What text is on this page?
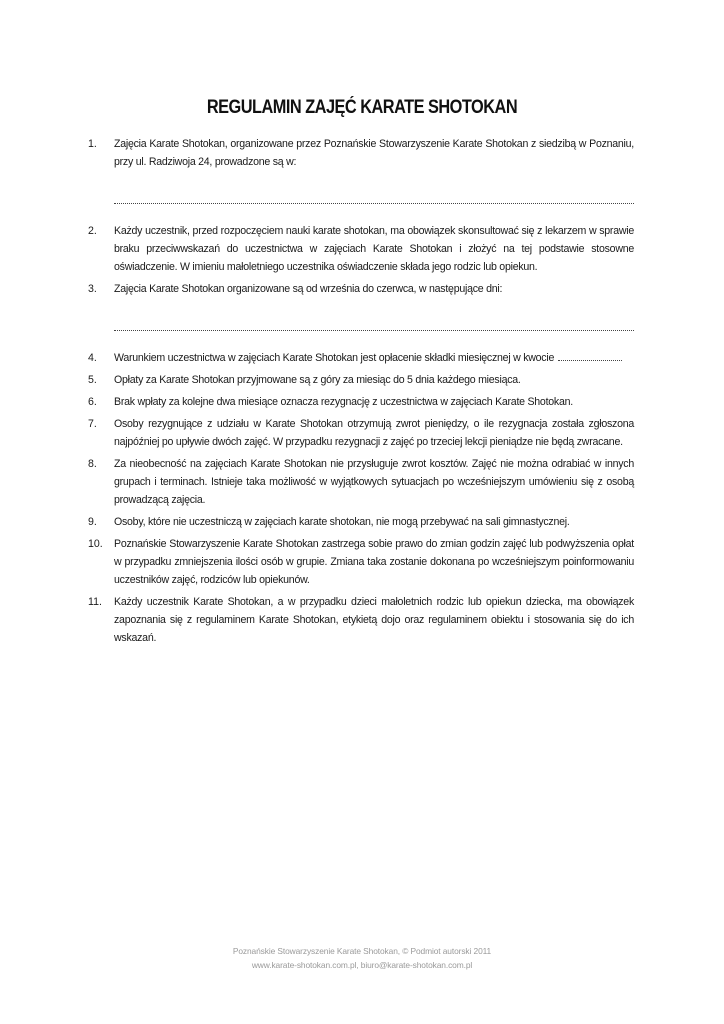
REGULAMIN ZAJĘĆ KARATE SHOTOKAN
1.	Zajęcia Karate Shotokan, organizowane przez Poznańskie Stowarzyszenie Karate Shotokan z siedzibą w Poznaniu, przy ul. Radziwoja 24, prowadzone są w:
2.	Każdy uczestnik, przed rozpoczęciem nauki karate shotokan, ma obowiązek skonsultować się z lekarzem w sprawie braku przeciwwskazań do uczestnictwa w zajęciach Karate Shotokan i złożyć na tej podstawie stosowne oświadczenie. W imieniu małoletniego uczestnika oświadczenie składa jego rodzic lub opiekun.
3.	Zajęcia Karate Shotokan organizowane są od września do czerwca, w następujące dni:
4.	Warunkiem uczestnictwa w zajęciach Karate Shotokan jest opłacenie składki miesięcznej w kwocie
5.	Opłaty za Karate Shotokan przyjmowane są z góry za miesiąc do 5 dnia każdego miesiąca.
6.	Brak wpłaty za kolejne dwa miesiące oznacza rezygnację z uczestnictwa w zajęciach Karate Shotokan.
7.	Osoby rezygnujące z udziału w Karate Shotokan otrzymują zwrot pieniędzy, o ile rezygnacja została zgłoszona najpóźniej po upływie dwóch zajęć. W przypadku rezygnacji z zajęć po trzeciej lekcji pieniądze nie będą zwracane.
8.	Za nieobecność na zajęciach Karate Shotokan nie przysługuje zwrot kosztów. Zajęć nie można odrabiać w innych grupach i terminach. Istnieje taka możliwość w wyjątkowych sytuacjach po wcześniejszym umówieniu się z osobą prowadzącą zajęcia.
9.	Osoby, które nie uczestniczą w zajęciach karate shotokan, nie mogą przebywać na sali gimnastycznej.
10.	Poznańskie Stowarzyszenie Karate Shotokan zastrzega sobie prawo do zmian godzin zajęć lub podwyższenia opłat w przypadku zmniejszenia ilości osób w grupie. Zmiana taka zostanie dokonana po wcześniejszym poinformowaniu uczestników zajęć, rodziców lub opiekunów.
11.	Każdy uczestnik Karate Shotokan, a w przypadku dzieci małoletnich rodzic lub opiekun dziecka, ma obowiązek zapoznania się z regulaminem Karate Shotokan, etykietą dojo oraz regulaminem obiektu i stosowania się do ich wskazań.
Poznańskie Stowarzyszenie Karate Shotokan, © Podmiot autorski 2011
www.karate-shotokan.com.pl, biuro@karate-shotokan.com.pl
